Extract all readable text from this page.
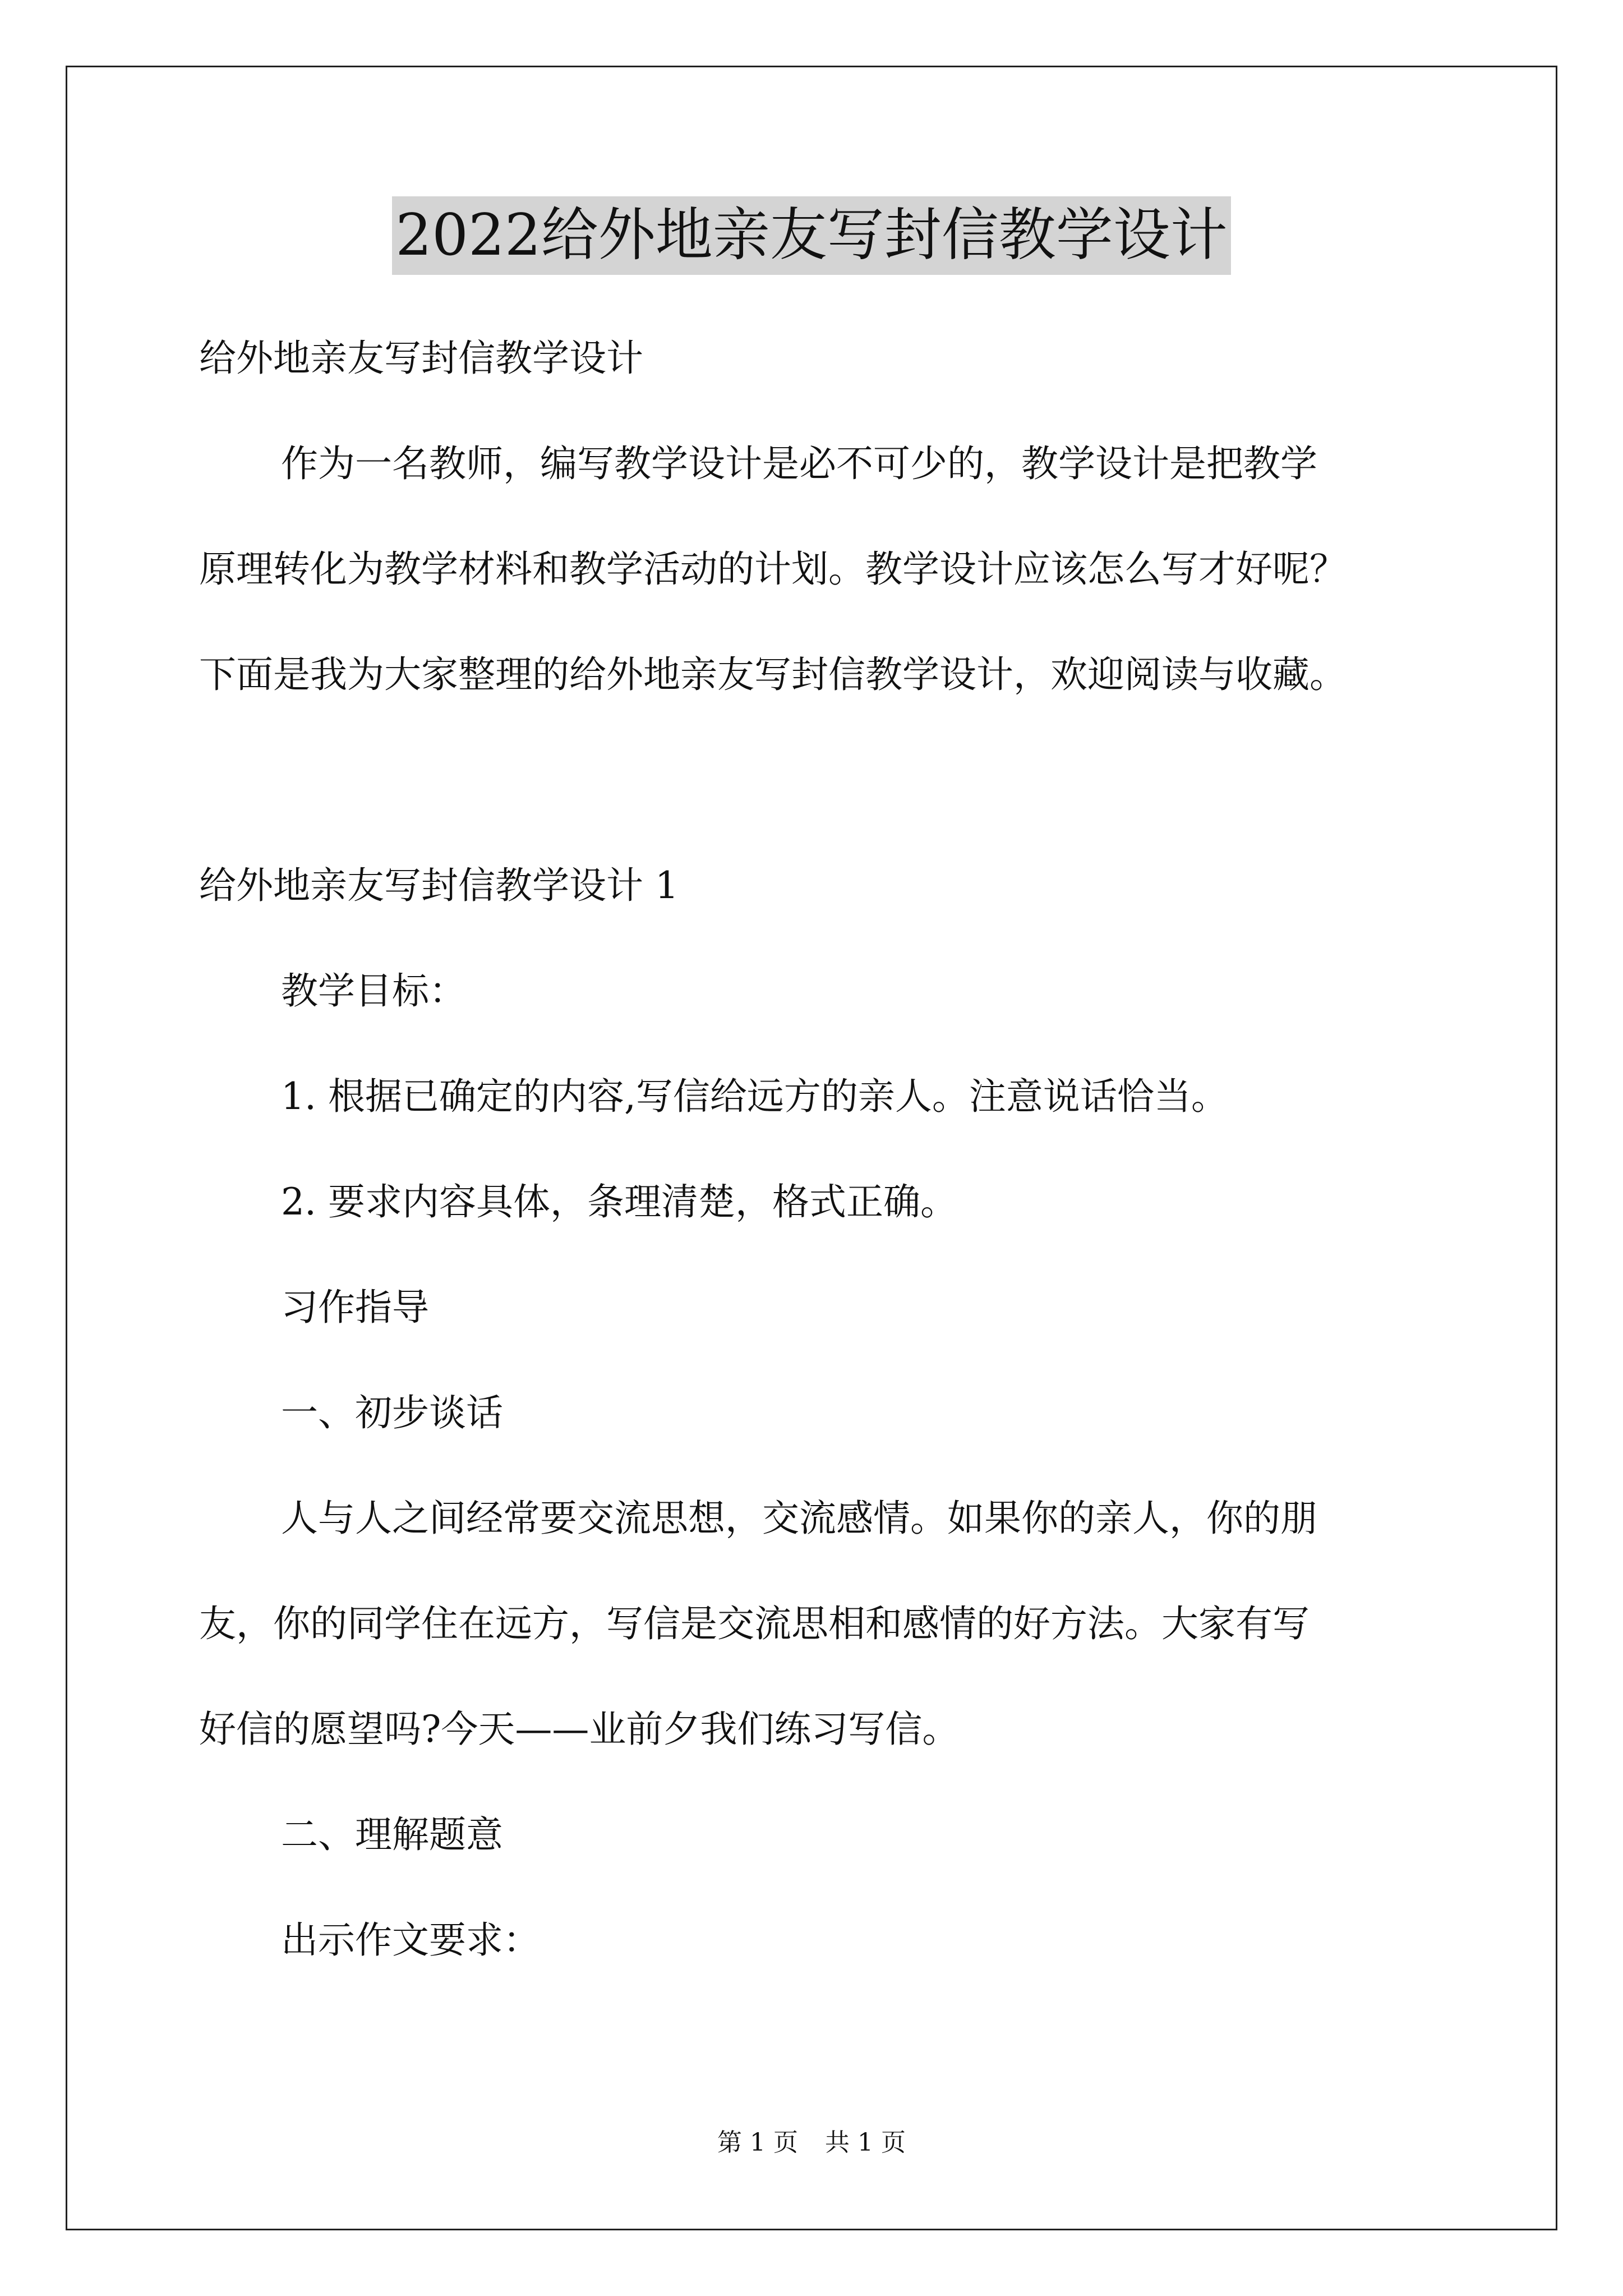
2022给外地亲友写封信教学设计

给外地亲友写封信教学设计

作为一名教师，编写教学设计是必不可少的，教学设计是把教学

原理转化为教学材料和教学活动的计划。教学设计应该怎么写才好呢？

下面是我为大家整理的给外地亲友写封信教学设计，欢迎阅读与收藏。

给外地亲友写封信教学设计 1

教学目标：

1. 根据已确定的内容,写信给远方的亲人。注意说话恰当。

2. 要求内容具体，条理清楚，格式正确。

习作指导

一、初步谈话

人与人之间经常要交流思想，交流感情。如果你的亲人，你的朋

友，你的同学住在远方，写信是交流思相和感情的好方法。大家有写

好信的愿望吗?今天——业前夕我们练习写信。

二、理解题意

出示作文要求：

第 1 页 共 1 页
